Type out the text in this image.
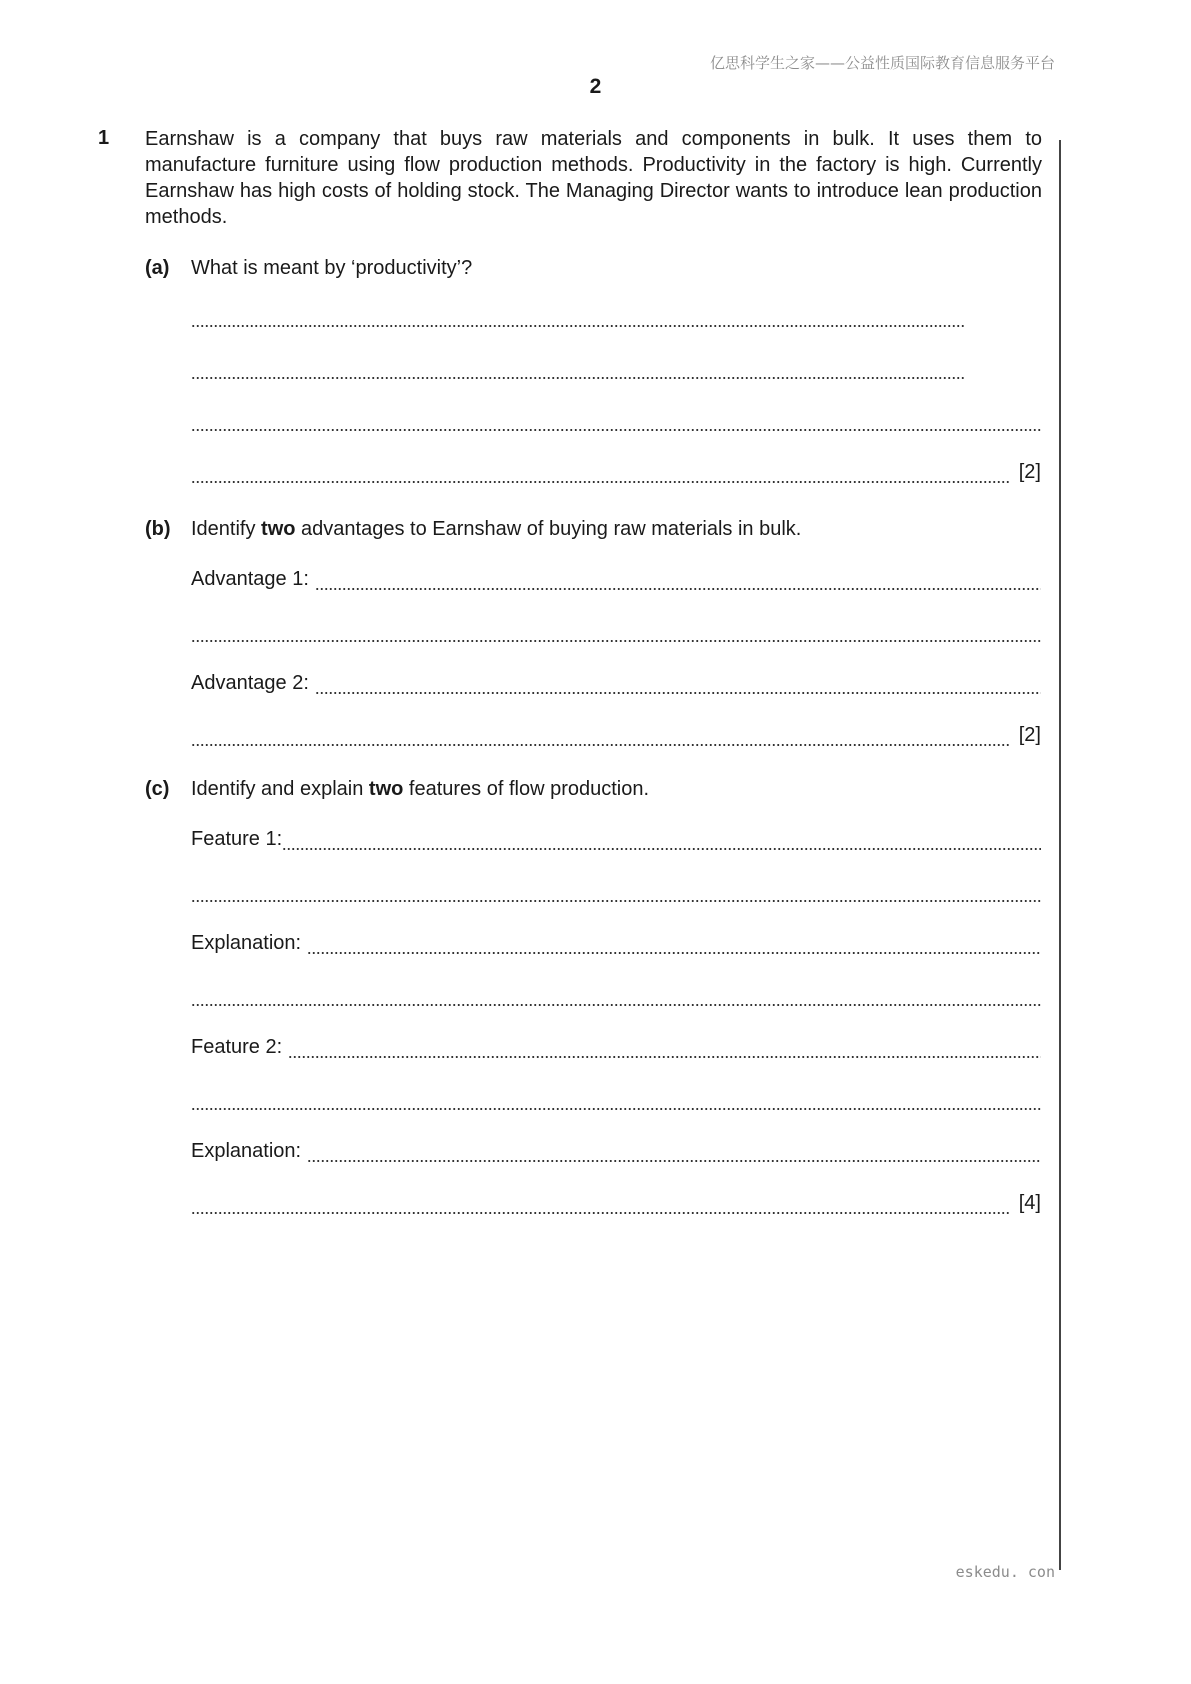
亿思科学生之家——公益性质国际教育信息服务平台
2
1 Earnshaw is a company that buys raw materials and components in bulk. It uses them to manufacture furniture using flow production methods. Productivity in the factory is high. Currently Earnshaw has high costs of holding stock. The Managing Director wants to introduce lean production methods.
(a) What is meant by ‘productivity’?
[2]
(b) Identify two advantages to Earnshaw of buying raw materials in bulk.
Advantage 1:
Advantage 2:
[2]
(c) Identify and explain two features of flow production.
Feature 1:
Explanation:
Feature 2:
Explanation:
[4]
eskedu. con
